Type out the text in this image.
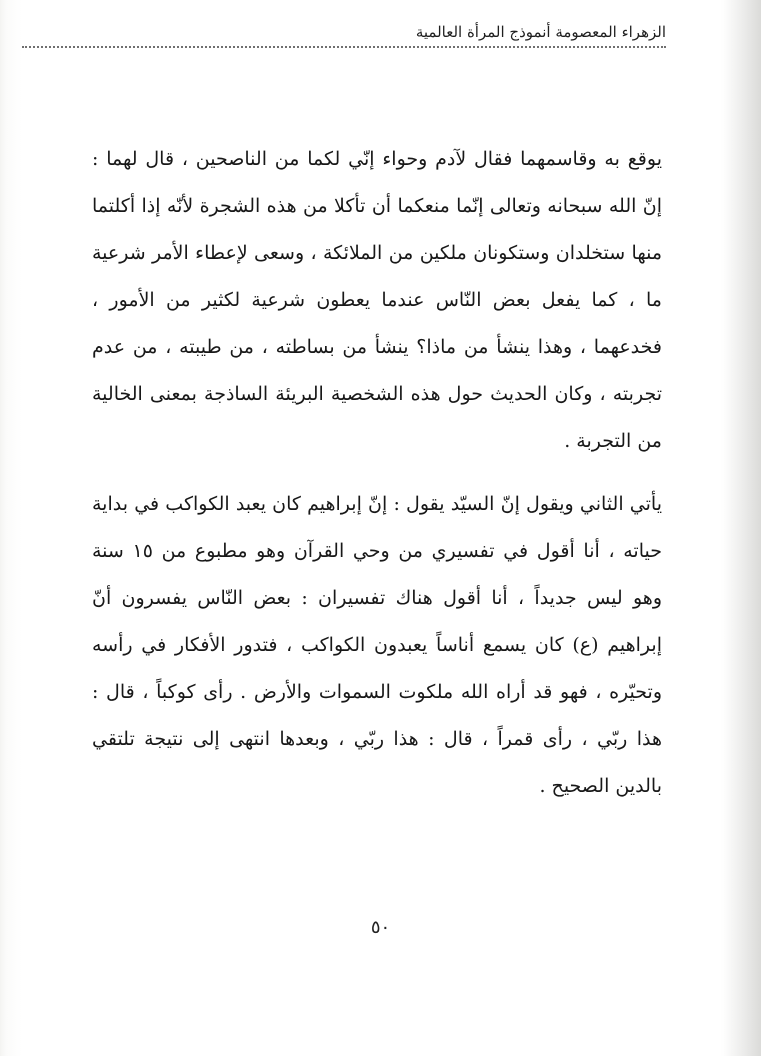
الزهراء المعصومة أنموذج المرأة العالمية

يوقع به وقاسمهما فقال لآدم وحواء إنّي لكما من الناصحين ، قال لهما : إنّ الله سبحانه وتعالى إنّما منعكما أن تأكلا من هذه الشجرة لأنّه إذا أكلتما منها ستخلدان وستكونان ملكين من الملائكة ، وسعى لإعطاء الأمر شرعية ما ، كما يفعل بعض النّاس عندما يعطون شرعية لكثير من الأمور ، فخدعهما ، وهذا ينشأ من ماذا؟ ينشأ من بساطته ، من طيبته ، من عدم تجربته ، وكان الحديث حول هذه الشخصية البريئة الساذجة بمعنى الخالية من التجربة .

يأتي الثاني ويقول إنّ السيّد يقول : إنّ إبراهيم كان يعبد الكواكب في بداية حياته ، أنا أقول في تفسيري من وحي القرآن وهو مطبوع من ١٥ سنة وهو ليس جديداً ، أنا أقول هناك تفسيران : بعض النّاس يفسرون أنّ إبراهيم (ع) كان يسمع أناساً يعبدون الكواكب ، فتدور الأفكار في رأسه وتحيّره ، فهو قد أراه الله ملكوت السموات والأرض . رأى كوكباً ، قال : هذا ربّي ، رأى قمراً ، قال : هذا ربّي ، وبعدها انتهى إلى نتيجة تلتقي بالدين الصحيح .

٥٠
